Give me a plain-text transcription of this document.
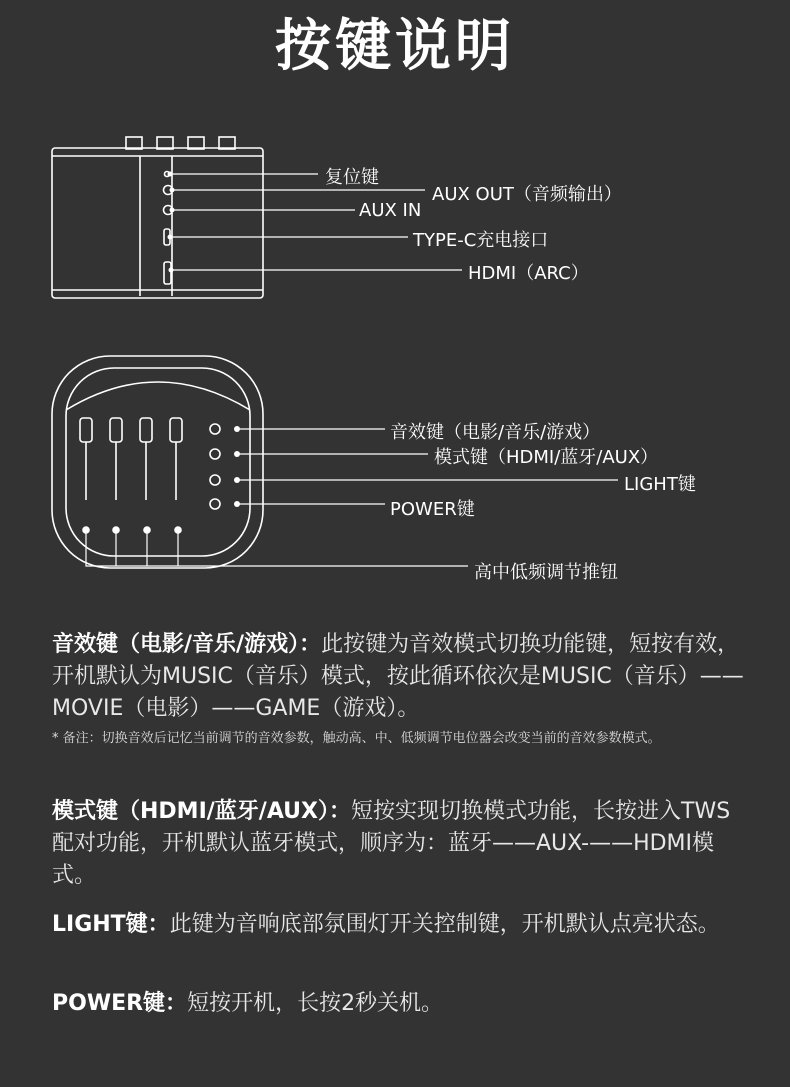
按键说明
复位键
AUX OUT（音频输出）
AUX IN
TYPE-C充电接口
HDMI（ARC）
音效键（电影/音乐/游戏）
模式键（HDMI/蓝牙/AUX）
LIGHT键
POWER键
高中低频调节推钮
音效键（电影/音乐/游戏）：此按键为音效模式切换功能键，短按有效，开机默认为MUSIC（音乐）模式，按此循环依次是MUSIC（音乐）——MOVIE（电影）——GAME（游戏）。
* 备注：切换音效后记忆当前调节的音效参数，触动高、中、低频调节电位器会改变当前的音效参数模式。
模式键（HDMI/蓝牙/AUX）：短按实现切换模式功能，长按进入TWS配对功能，开机默认蓝牙模式，顺序为：蓝牙——AUX-——HDMI模式。
LIGHT键：此键为音响底部氛围灯开关控制键，开机默认点亮状态。
POWER键：短按开机，长按2秒关机。
